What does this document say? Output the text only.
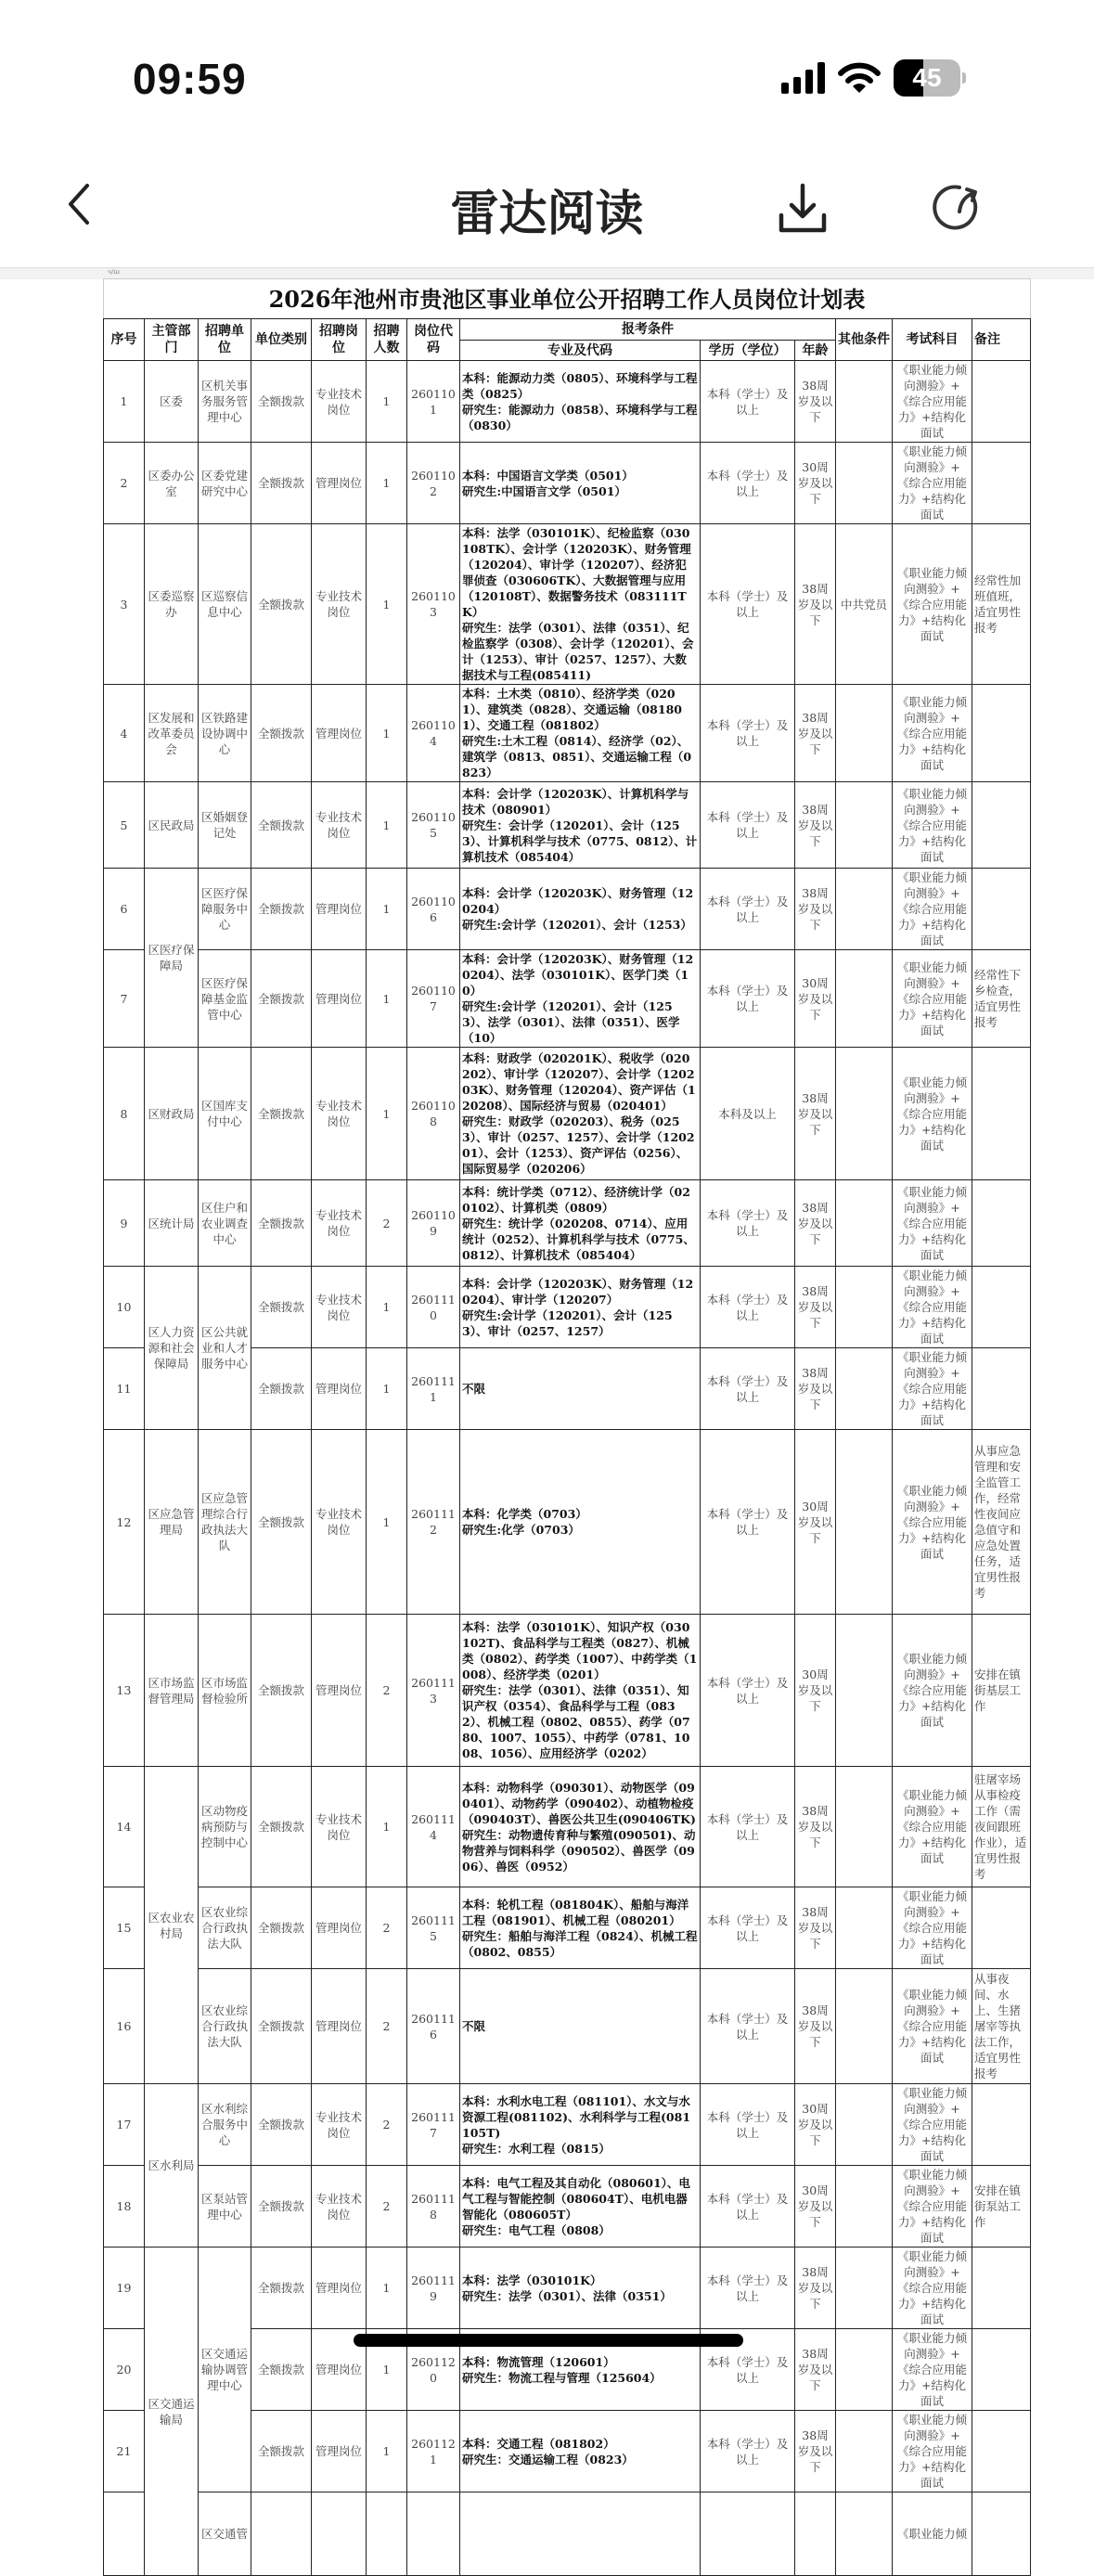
09:59	45
雷达阅读
ч/ш
2026年池州市贵池区事业单位公开招聘工作人员岗位计划表												
序号	主管部门	招聘单位	单位类别	招聘岗位	招聘人数	岗位代码	报考条件			其他条件	考试科目	备注
							专业及代码	学历（学位）	年龄			
1	区委	区机关事务服务管理中心	全额拨款	专业技术岗位	1	2601101	本科：能源动力类（0805）、环境科学与工程类（0825）
研究生：能源动力（0858）、环境科学与工程（0830）	本科（学士）及以上	38周岁及以下		《职业能力倾向测验》+《综合应用能力》+结构化面试	
2	区委办公室	区委党建研究中心	全额拨款	管理岗位	1	2601102	本科：中国语言文学类（0501）
研究生:中国语言文学（0501）	本科（学士）及以上	30周岁及以下		《职业能力倾向测验》+《综合应用能力》+结构化面试	
3	区委巡察办	区巡察信息中心	全额拨款	专业技术岗位	1	2601103	本科：法学（030101K）、纪检监察（030108TK）、会计学（120203K）、财务管理（120204）、审计学（120207）、经济犯罪侦查（030606TK）、大数据管理与应用（120108T）、数据警务技术（083111TK）
研究生：法学（0301）、法律（0351）、纪检监察学（0308）、会计学（120201）、会计（1253）、审计（0257、1257）、大数据技术与工程(085411)	本科（学士）及以上	38周岁及以下	中共党员	《职业能力倾向测验》+《综合应用能力》+结构化面试	经常性加班值班，适宜男性报考
4	区发展和改革委员会	区铁路建设协调中心	全额拨款	管理岗位	1	2601104	本科：土木类（0810）、经济学类（0201）、建筑类（0828）、交通运输（081801）、交通工程（081802）
研究生:土木工程（0814）、经济学（02）、建筑学（0813、0851）、交通运输工程（0823）	本科（学士）及以上	38周岁及以下		《职业能力倾向测验》+《综合应用能力》+结构化面试	
5	区民政局	区婚姻登记处	全额拨款	专业技术岗位	1	2601105	本科：会计学（120203K）、计算机科学与技术（080901）
研究生：会计学（120201）、会计（1253）、计算机科学与技术（0775、0812）、计算机技术（085404）	本科（学士）及以上	38周岁及以下		《职业能力倾向测验》+《综合应用能力》+结构化面试	
6	区医疗保障局	区医疗保障服务中心	全额拨款	管理岗位	1	2601106	本科：会计学（120203K）、财务管理（120204）
研究生:会计学（120201）、会计（1253）	本科（学士）及以上	38周岁及以下		《职业能力倾向测验》+《综合应用能力》+结构化面试	
7		区医疗保障基金监管中心	全额拨款	管理岗位	1	2601107	本科：会计学（120203K）、财务管理（120204）、法学（030101K）、医学门类（10）
研究生:会计学（120201）、会计（1253）、法学（0301）、法律（0351）、医学（10）	本科（学士）及以上	30周岁及以下		《职业能力倾向测验》+《综合应用能力》+结构化面试	经常性下乡检查，适宜男性报考
8	区财政局	区国库支付中心	全额拨款	专业技术岗位	1	2601108	本科：财政学（020201K）、税收学（020202）、审计学（120207）、会计学（120203K）、财务管理（120204）、资产评估（120208）、国际经济与贸易（020401）
研究生：财政学（020203）、税务（0253）、审计（0257、1257）、会计学（120201）、会计（1253）、资产评估（0256）、国际贸易学（020206）	本科及以上	38周岁及以下		《职业能力倾向测验》+《综合应用能力》+结构化面试	
9	区统计局	区住户和农业调查中心	全额拨款	专业技术岗位	2	2601109	本科：统计学类（0712）、经济统计学（020102）、计算机类（0809）
研究生：统计学（020208、0714）、应用统计（0252）、计算机科学与技术（0775、0812）、计算机技术（085404）	本科（学士）及以上	38周岁及以下		《职业能力倾向测验》+《综合应用能力》+结构化面试	
10	区人力资源和社会保障局	区公共就业和人才服务中心	全额拨款	专业技术岗位	1	2601110	本科：会计学（120203K）、财务管理（120204）、审计学（120207）
研究生:会计学（120201）、会计（1253）、审计（0257、1257）	本科（学士）及以上	38周岁及以下		《职业能力倾向测验》+《综合应用能力》+结构化面试	
11			全额拨款	管理岗位	1	2601111	不限	本科（学士）及以上	38周岁及以下		《职业能力倾向测验》+《综合应用能力》+结构化面试	
12	区应急管理局	区应急管理综合行政执法大队	全额拨款	专业技术岗位	1	2601112	本科：化学类（0703）
研究生:化学（0703）	本科（学士）及以上	30周岁及以下		《职业能力倾向测验》+《综合应用能力》+结构化面试	从事应急管理和安全监管工作，经常性夜间应急值守和应急处置任务，适宜男性报考
13	区市场监督管理局	区市场监督检验所	全额拨款	管理岗位	2	2601113	本科：法学（030101K）、知识产权（030102T)、食品科学与工程类（0827）、机械类（0802）、药学类（1007）、中药学类（1008）、经济学类（0201）
研究生：法学（0301）、法律（0351）、知识产权（0354）、食品科学与工程（0832）、机械工程（0802、0855）、药学（0780、1007、1055）、中药学（0781、1008、1056）、应用经济学（0202）	本科（学士）及以上	30周岁及以下		《职业能力倾向测验》+《综合应用能力》+结构化面试	安排在镇街基层工作
14	区农业农村局	区动物疫病预防与控制中心	全额拨款	专业技术岗位	1	2601114	本科：动物科学（090301）、动物医学（090401）、动物药学（090402）、动植物检疫（090403T）、兽医公共卫生(090406TK)
研究生：动物遗传育种与繁殖(090501)、动物营养与饲料科学（090502）、兽医学（0906）、兽医（0952）	本科（学士）及以上	38周岁及以下		《职业能力倾向测验》+《综合应用能力》+结构化面试	驻屠宰场从事检疫工作（需夜间跟班作业），适宜男性报考
15		区农业综合行政执法大队	全额拨款	管理岗位	2	2601115	本科：轮机工程（081804K）、船舶与海洋工程（081901）、机械工程（080201）
研究生：船舶与海洋工程（0824）、机械工程（0802、0855）	本科（学士）及以上	38周岁及以下		《职业能力倾向测验》+《综合应用能力》+结构化面试	
16		区农业综合行政执法大队	全额拨款	管理岗位	2	2601116	不限	本科（学士）及以上	38周岁及以下		《职业能力倾向测验》+《综合应用能力》+结构化面试	从事夜间、水上、生猪屠宰等执法工作，适宜男性报考
17	区水利局	区水利综合服务中心	全额拨款	专业技术岗位	2	2601117	本科：水利水电工程（081101）、水文与水资源工程(081102)、水利科学与工程(081105T)
研究生：水利工程（0815）	本科（学士）及以上	30周岁及以下		《职业能力倾向测验》+《综合应用能力》+结构化面试	
18		区泵站管理中心	全额拨款	专业技术岗位	2	2601118	本科：电气工程及其自动化（080601）、电气工程与智能控制（080604T）、电机电器智能化（080605T）
研究生：电气工程（0808）	本科（学士）及以上	30周岁及以下		《职业能力倾向测验》+《综合应用能力》+结构化面试	安排在镇街泵站工作
19	区交通运输局	区交通运输协调管理中心	全额拨款	管理岗位	1	2601119	本科：法学（030101K）
研究生：法学（0301）、法律（0351）	本科（学士）及以上	38周岁及以下		《职业能力倾向测验》+《综合应用能力》+结构化面试	
20			全额拨款	管理岗位	1	2601120	本科：物流管理（120601）
研究生：物流工程与管理（125604）	本科（学士）及以上	38周岁及以下		《职业能力倾向测验》+《综合应用能力》+结构化面试	
21			全额拨款	管理岗位	1	2601121	本科：交通工程（081802）
研究生：交通运输工程（0823）	本科（学士）及以上	38周岁及以下		《职业能力倾向测验》+《综合应用能力》+结构化面试	
		区交通管									《职业能力倾	
